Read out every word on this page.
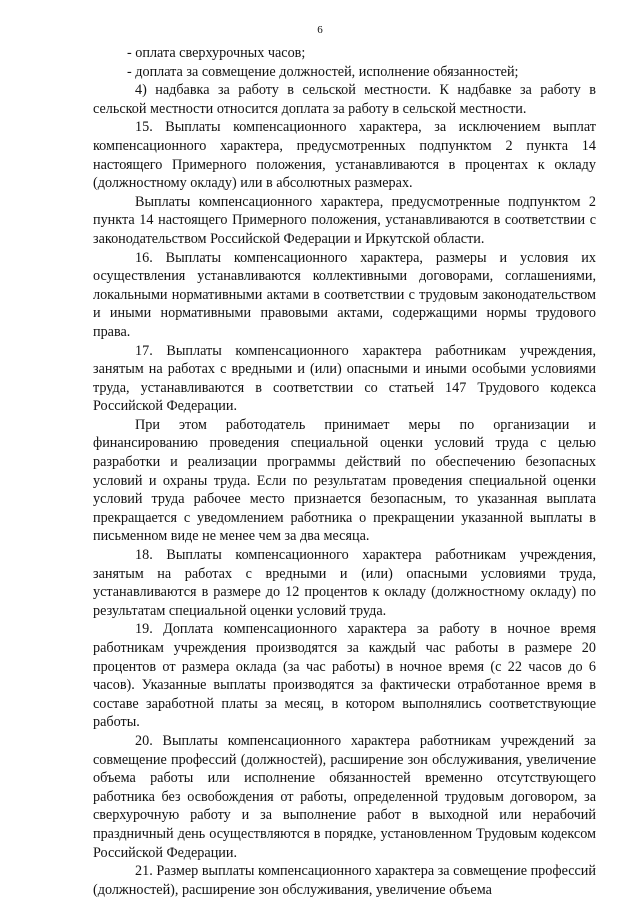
6

- оплата сверхурочных часов;

- доплата за совмещение должностей, исполнение обязанностей;

4) надбавка за работу в сельской местности. К надбавке за работу в сельской местности относится доплата за работу в сельской местности.

15. Выплаты компенсационного характера, за исключением выплат компенсационного характера, предусмотренных подпунктом 2 пункта 14 настоящего Примерного положения, устанавливаются в процентах к окладу (должностному окладу) или в абсолютных размерах.

Выплаты компенсационного характера, предусмотренные подпунктом 2 пункта 14 настоящего Примерного положения, устанавливаются в соответствии с законодательством Российской Федерации и Иркутской области.

16. Выплаты компенсационного характера, размеры и условия их осуществления устанавливаются коллективными договорами, соглашениями, локальными нормативными актами в соответствии с трудовым законодательством и иными нормативными правовыми актами, содержащими нормы трудового права.

17. Выплаты компенсационного характера работникам учреждения, занятым на работах с вредными и (или) опасными и иными особыми условиями труда, устанавливаются в соответствии со статьей 147 Трудового кодекса Российской Федерации.

При этом работодатель принимает меры по организации и финансированию проведения специальной оценки условий труда с целью разработки и реализации программы действий по обеспечению безопасных условий и охраны труда. Если по результатам проведения специальной оценки условий труда рабочее место признается безопасным, то указанная выплата прекращается с уведомлением работника о прекращении указанной выплаты в письменном виде не менее чем за два месяца.

18. Выплаты компенсационного характера работникам учреждения, занятым на работах с вредными и (или) опасными условиями труда, устанавливаются в размере до 12 процентов к окладу (должностному окладу) по результатам специальной оценки условий труда.

19. Доплата компенсационного характера за работу в ночное время работникам учреждения производятся за каждый час работы в размере 20 процентов от размера оклада (за час работы) в ночное время (с 22 часов до 6 часов). Указанные выплаты производятся за фактически отработанное время в составе заработной платы за месяц, в котором выполнялись соответствующие работы.

20. Выплаты компенсационного характера работникам учреждений за совмещение профессий (должностей), расширение зон обслуживания, увеличение объема работы или исполнение обязанностей временно отсутствующего работника без освобождения от работы, определенной трудовым договором, за сверхурочную работу и за выполнение работ в выходной или нерабочий праздничный день осуществляются в порядке, установленном Трудовым кодексом Российской Федерации.

21. Размер выплаты компенсационного характера за совмещение профессий (должностей), расширение зон обслуживания, увеличение объема
